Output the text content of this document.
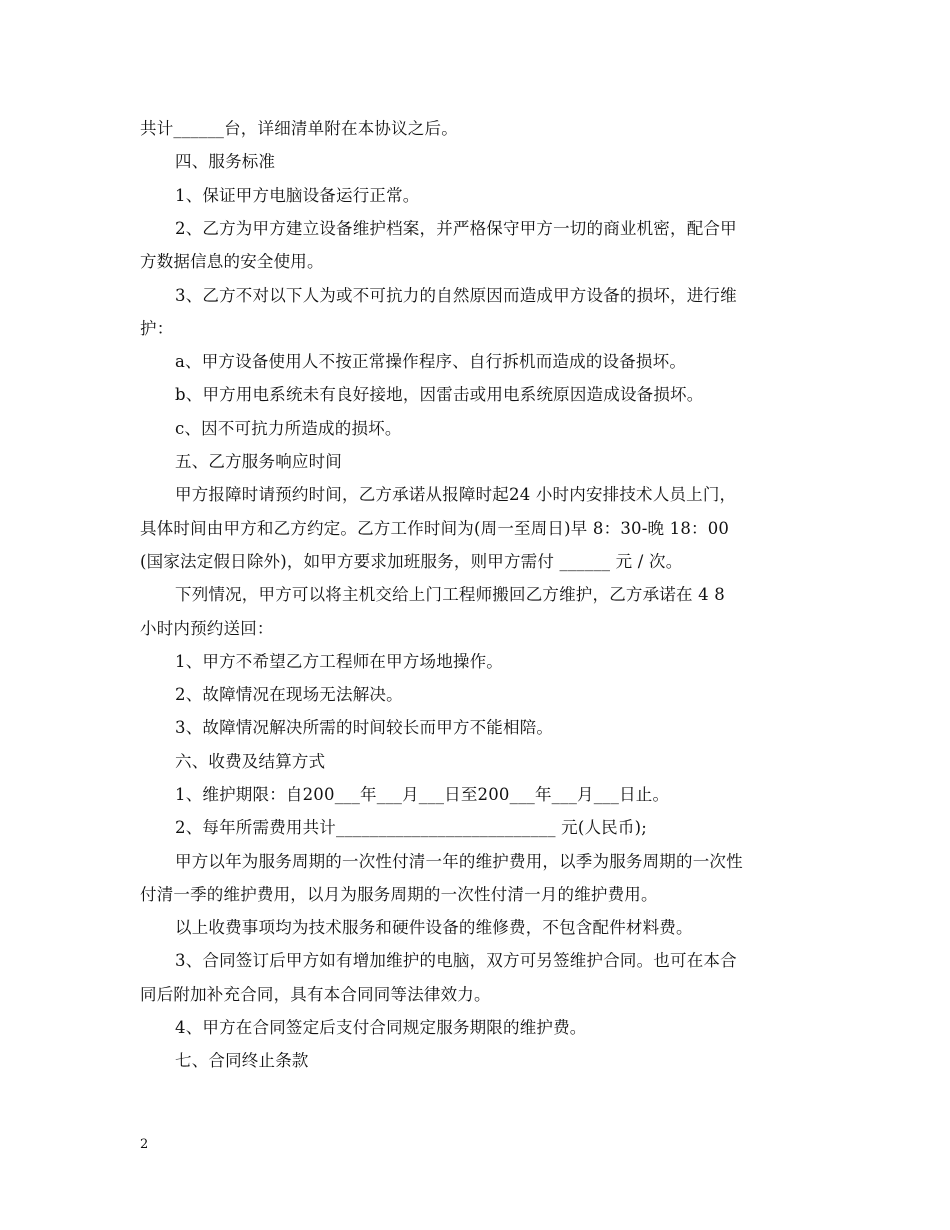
共计______台，详细清单附在本协议之后。
四、服务标准
1、保证甲方电脑设备运行正常。
2、乙方为甲方建立设备维护档案，并严格保守甲方一切的商业机密，配合甲
方数据信息的安全使用。
3、乙方不对以下人为或不可抗力的自然原因而造成甲方设备的损坏，进行维
护：
a、甲方设备使用人不按正常操作程序、自行拆机而造成的设备损坏。
b、甲方用电系统未有良好接地，因雷击或用电系统原因造成设备损坏。
c、因不可抗力所造成的损坏。
五、乙方服务响应时间
甲方报障时请预约时间，乙方承诺从报障时起24 小时内安排技术人员上门，
具体时间由甲方和乙方约定。乙方工作时间为(周一至周日)早 8：30-晚 18：00
(国家法定假日除外)，如甲方要求加班服务，则甲方需付 ______ 元 / 次。
下列情况，甲方可以将主机交给上门工程师搬回乙方维护，乙方承诺在 4 8
小时内预约送回：
1、甲方不希望乙方工程师在甲方场地操作。
2、故障情况在现场无法解决。
3、故障情况解决所需的时间较长而甲方不能相陪。
六、收费及结算方式
1、维护期限：自200___年___月___日至200___年___月___日止。
2、每年所需费用共计__________________________ 元(人民币);
甲方以年为服务周期的一次性付清一年的维护费用，以季为服务周期的一次性
付清一季的维护费用，以月为服务周期的一次性付清一月的维护费用。
以上收费事项均为技术服务和硬件设备的维修费，不包含配件材料费。
3、合同签订后甲方如有增加维护的电脑，双方可另签维护合同。也可在本合
同后附加补充合同，具有本合同同等法律效力。
4、甲方在合同签定后支付合同规定服务期限的维护费。
七、合同终止条款
2
